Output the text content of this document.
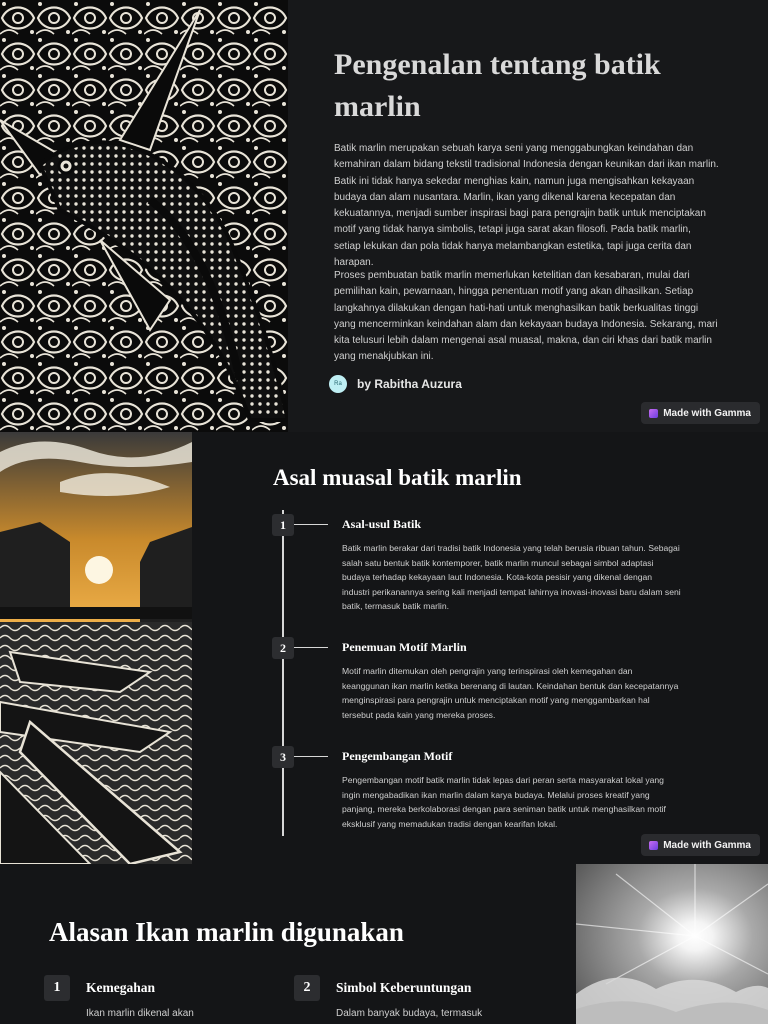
Pengenalan tentang batik marlin

Batik marlin merupakan sebuah karya seni yang menggabungkan keindahan dan kemahiran dalam bidang tekstil tradisional Indonesia dengan keunikan dari ikan marlin. Batik ini tidak hanya sekedar menghias kain, namun juga mengisahkan kekayaan budaya dan alam nusantara. Marlin, ikan yang dikenal karena kecepatan dan kekuatannya, menjadi sumber inspirasi bagi para pengrajin batik untuk menciptakan motif yang tidak hanya simbolis, tetapi juga sarat akan filosofi. Pada batik marlin, setiap lekukan dan pola tidak hanya melambangkan estetika, tapi juga cerita dan harapan.

Proses pembuatan batik marlin memerlukan ketelitian dan kesabaran, mulai dari pemilihan kain, pewarnaan, hingga penentuan motif yang akan dihasilkan. Setiap langkahnya dilakukan dengan hati-hati untuk menghasilkan batik berkualitas tinggi yang mencerminkan keindahan alam dan kekayaan budaya Indonesia. Sekarang, mari kita telusuri lebih dalam mengenai asal muasal, makna, dan ciri khas dari batik marlin yang menakjubkan ini.

Ra	by Rabitha Auzura
Made with Gamma
Asal muasal batik marlin
1	Asal-usul Batik
Batik marlin berakar dari tradisi batik Indonesia yang telah berusia ribuan tahun. Sebagai salah satu bentuk batik kontemporer, batik marlin muncul sebagai simbol adaptasi budaya terhadap kekayaan laut Indonesia. Kota-kota pesisir yang dikenal dengan industri perikanannya sering kali menjadi tempat lahirnya inovasi-inovasi baru dalam seni batik, termasuk batik marlin.
2	Penemuan Motif Marlin
Motif marlin ditemukan oleh pengrajin yang terinspirasi oleh kemegahan dan keanggunan ikan marlin ketika berenang di lautan. Keindahan bentuk dan kecepatannya menginspirasi para pengrajin untuk menciptakan motif yang menggambarkan hal tersebut pada kain yang mereka proses.
3	Pengembangan Motif
Pengembangan motif batik marlin tidak lepas dari peran serta masyarakat lokal yang ingin mengabadikan ikan marlin dalam karya budaya. Melalui proses kreatif yang panjang, mereka berkolaborasi dengan para seniman batik untuk menghasilkan motif eksklusif yang memadukan tradisi dengan kearifan lokal.
Made with Gamma
Alasan Ikan marlin digunakan
1	Kemegahan
Ikan marlin dikenal akan
2	Simbol Keberuntungan
Dalam banyak budaya, termasuk
